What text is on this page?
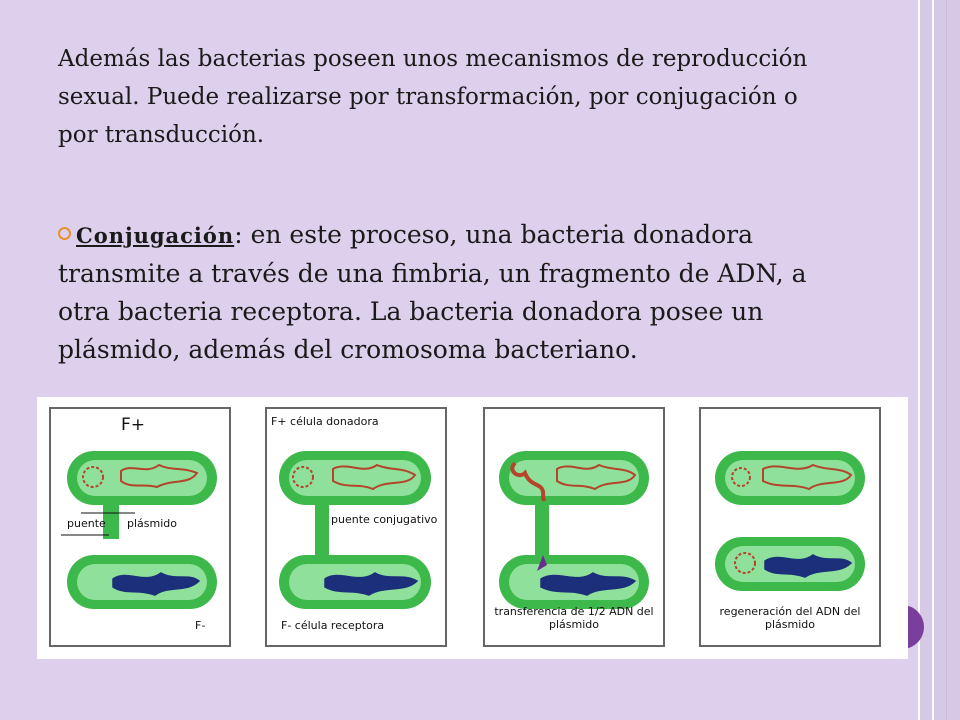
Además las bacterias poseen unos mecanismos de reproducción sexual. Puede realizarse por transformación, por conjugación o por transducción.

Conjugación: en este proceso, una bacteria donadora transmite a través de una fimbria, un fragmento de ADN, a otra bacteria receptora. La bacteria donadora posee un plásmido, además del cromosoma bacteriano.

F+
puente plásmido
F-
F+ célula donadora
puente conjugativo
F- célula receptora
transferencia de 1/2 ADN del plásmido
regeneración del ADN del plásmido
